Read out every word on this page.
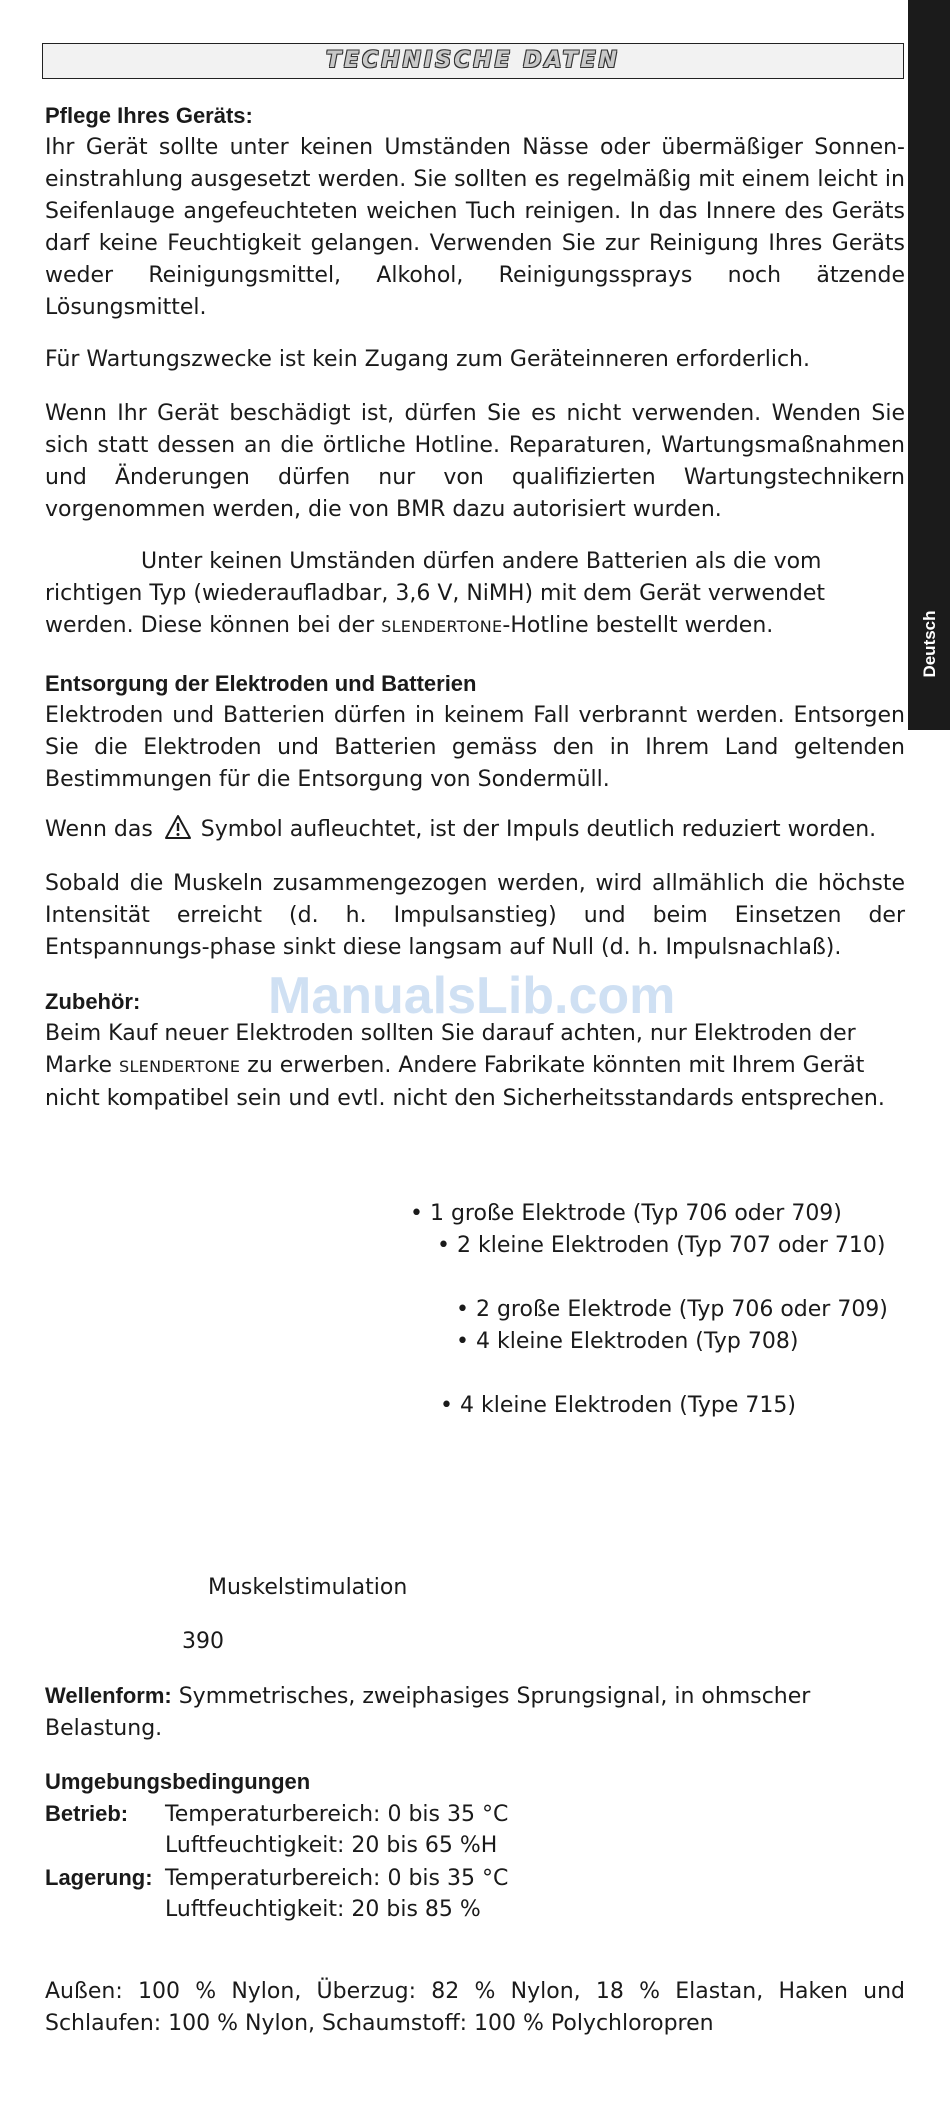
TECHNISCHE DATEN
Deutsch
Pflege Ihres Geräts:
Ihr Gerät sollte unter keinen Umständen Nässe oder übermäßiger Sonnen-einstrahlung ausgesetzt werden. Sie sollten es regelmäßig mit einem leicht in Seifenlauge angefeuchteten weichen Tuch reinigen. In das Innere des Geräts darf keine Feuchtigkeit gelangen. Verwenden Sie zur Reinigung Ihres Geräts weder Reinigungsmittel, Alkohol, Reinigungssprays noch ätzende Lösungsmittel.
Für Wartungszwecke ist kein Zugang zum Geräteinneren erforderlich.
Wenn Ihr Gerät beschädigt ist, dürfen Sie es nicht verwenden. Wenden Sie sich statt dessen an die örtliche Hotline. Reparaturen, Wartungsmaßnahmen und Änderungen dürfen nur von qualifizierten Wartungstechnikern vorgenommen werden, die von BMR dazu autorisiert wurden.
Unter keinen Umständen dürfen andere Batterien als die vom
richtigen Typ (wiederaufladbar, 3,6 V, NiMH) mit dem Gerät verwendet
werden. Diese können bei der SLENDERTONE-Hotline bestellt werden.
Entsorgung der Elektroden und Batterien
Elektroden und Batterien dürfen in keinem Fall verbrannt werden. Entsorgen Sie die Elektroden und Batterien gemäss den in Ihrem Land geltenden Bestimmungen für die Entsorgung von Sondermüll.
Wenn das Symbol aufleuchtet, ist der Impuls deutlich reduziert worden.
Sobald die Muskeln zusammengezogen werden, wird allmählich die höchste Intensität erreicht (d. h. Impulsanstieg) und beim Einsetzen der Entspannungs-phase sinkt diese langsam auf Null (d. h. Impulsnachlaß).
Zubehör: ManualsLib.com
Beim Kauf neuer Elektroden sollten Sie darauf achten, nur Elektroden der
Marke SLENDERTONE zu erwerben. Andere Fabrikate könnten mit Ihrem Gerät
nicht kompatibel sein und evtl. nicht den Sicherheitsstandards entsprechen.
• 1 große Elektrode (Typ 706 oder 709)
• 2 kleine Elektroden (Typ 707 oder 710)
• 2 große Elektrode (Typ 706 oder 709)
• 4 kleine Elektroden (Typ 708)
• 4 kleine Elektroden (Type 715)
Muskelstimulation
390
Wellenform: Symmetrisches, zweiphasiges Sprungsignal, in ohmscher Belastung.
Umgebungsbedingungen
Betrieb: Temperaturbereich: 0 bis 35 °C
Luftfeuchtigkeit: 20 bis 65 %H
Lagerung: Temperaturbereich: 0 bis 35 °C
Luftfeuchtigkeit: 20 bis 85 %
Außen: 100 % Nylon, Überzug: 82 % Nylon, 18 % Elastan, Haken und Schlaufen: 100 % Nylon, Schaumstoff: 100 % Polychloropren
